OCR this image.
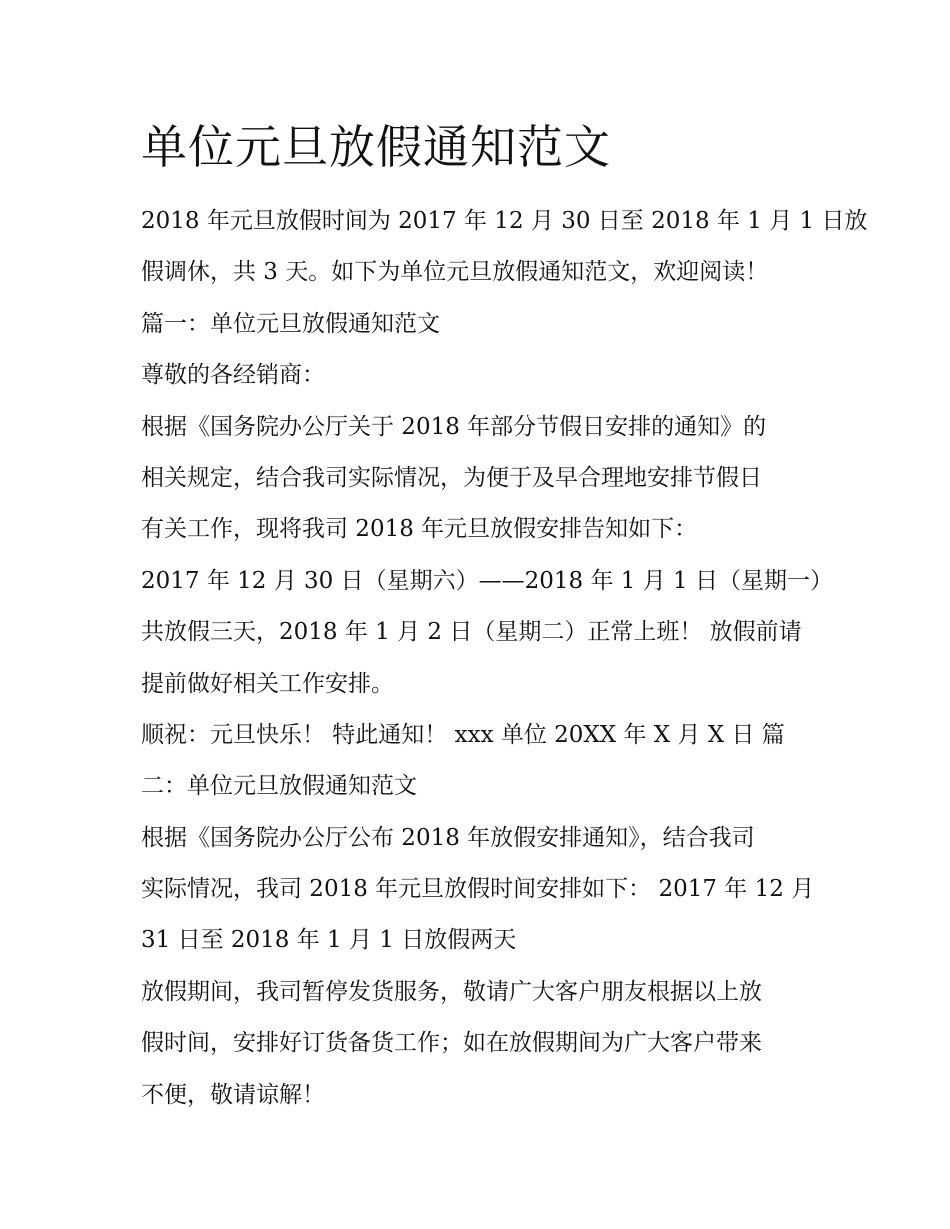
单位元旦放假通知范文

2018 年元旦放假时间为 2017 年 12 月 30 日至 2018 年 1 月 1 日放

假调休，共 3 天。如下为单位元旦放假通知范文，欢迎阅读！

篇一：单位元旦放假通知范文

尊敬的各经销商：

根据《国务院办公厅关于 2018 年部分节假日安排的通知》的

相关规定，结合我司实际情况，为便于及早合理地安排节假日

有关工作，现将我司 2018 年元旦放假安排告知如下：

2017 年 12 月 30 日（星期六）——2018 年 1 月 1 日（星期一）

共放假三天，2018 年 1 月 2 日（星期二）正常上班！ 放假前请

提前做好相关工作安排。

顺祝：元旦快乐！ 特此通知！ xxx 单位 20XX 年 X 月 X 日 篇

二：单位元旦放假通知范文

根据《国务院办公厅公布 2018 年放假安排通知》，结合我司

实际情况，我司 2018 年元旦放假时间安排如下： 2017 年 12 月

31 日至 2018 年 1 月 1 日放假两天

放假期间，我司暂停发货服务，敬请广大客户朋友根据以上放

假时间，安排好订货备货工作；如在放假期间为广大客户带来

不便，敬请谅解！
